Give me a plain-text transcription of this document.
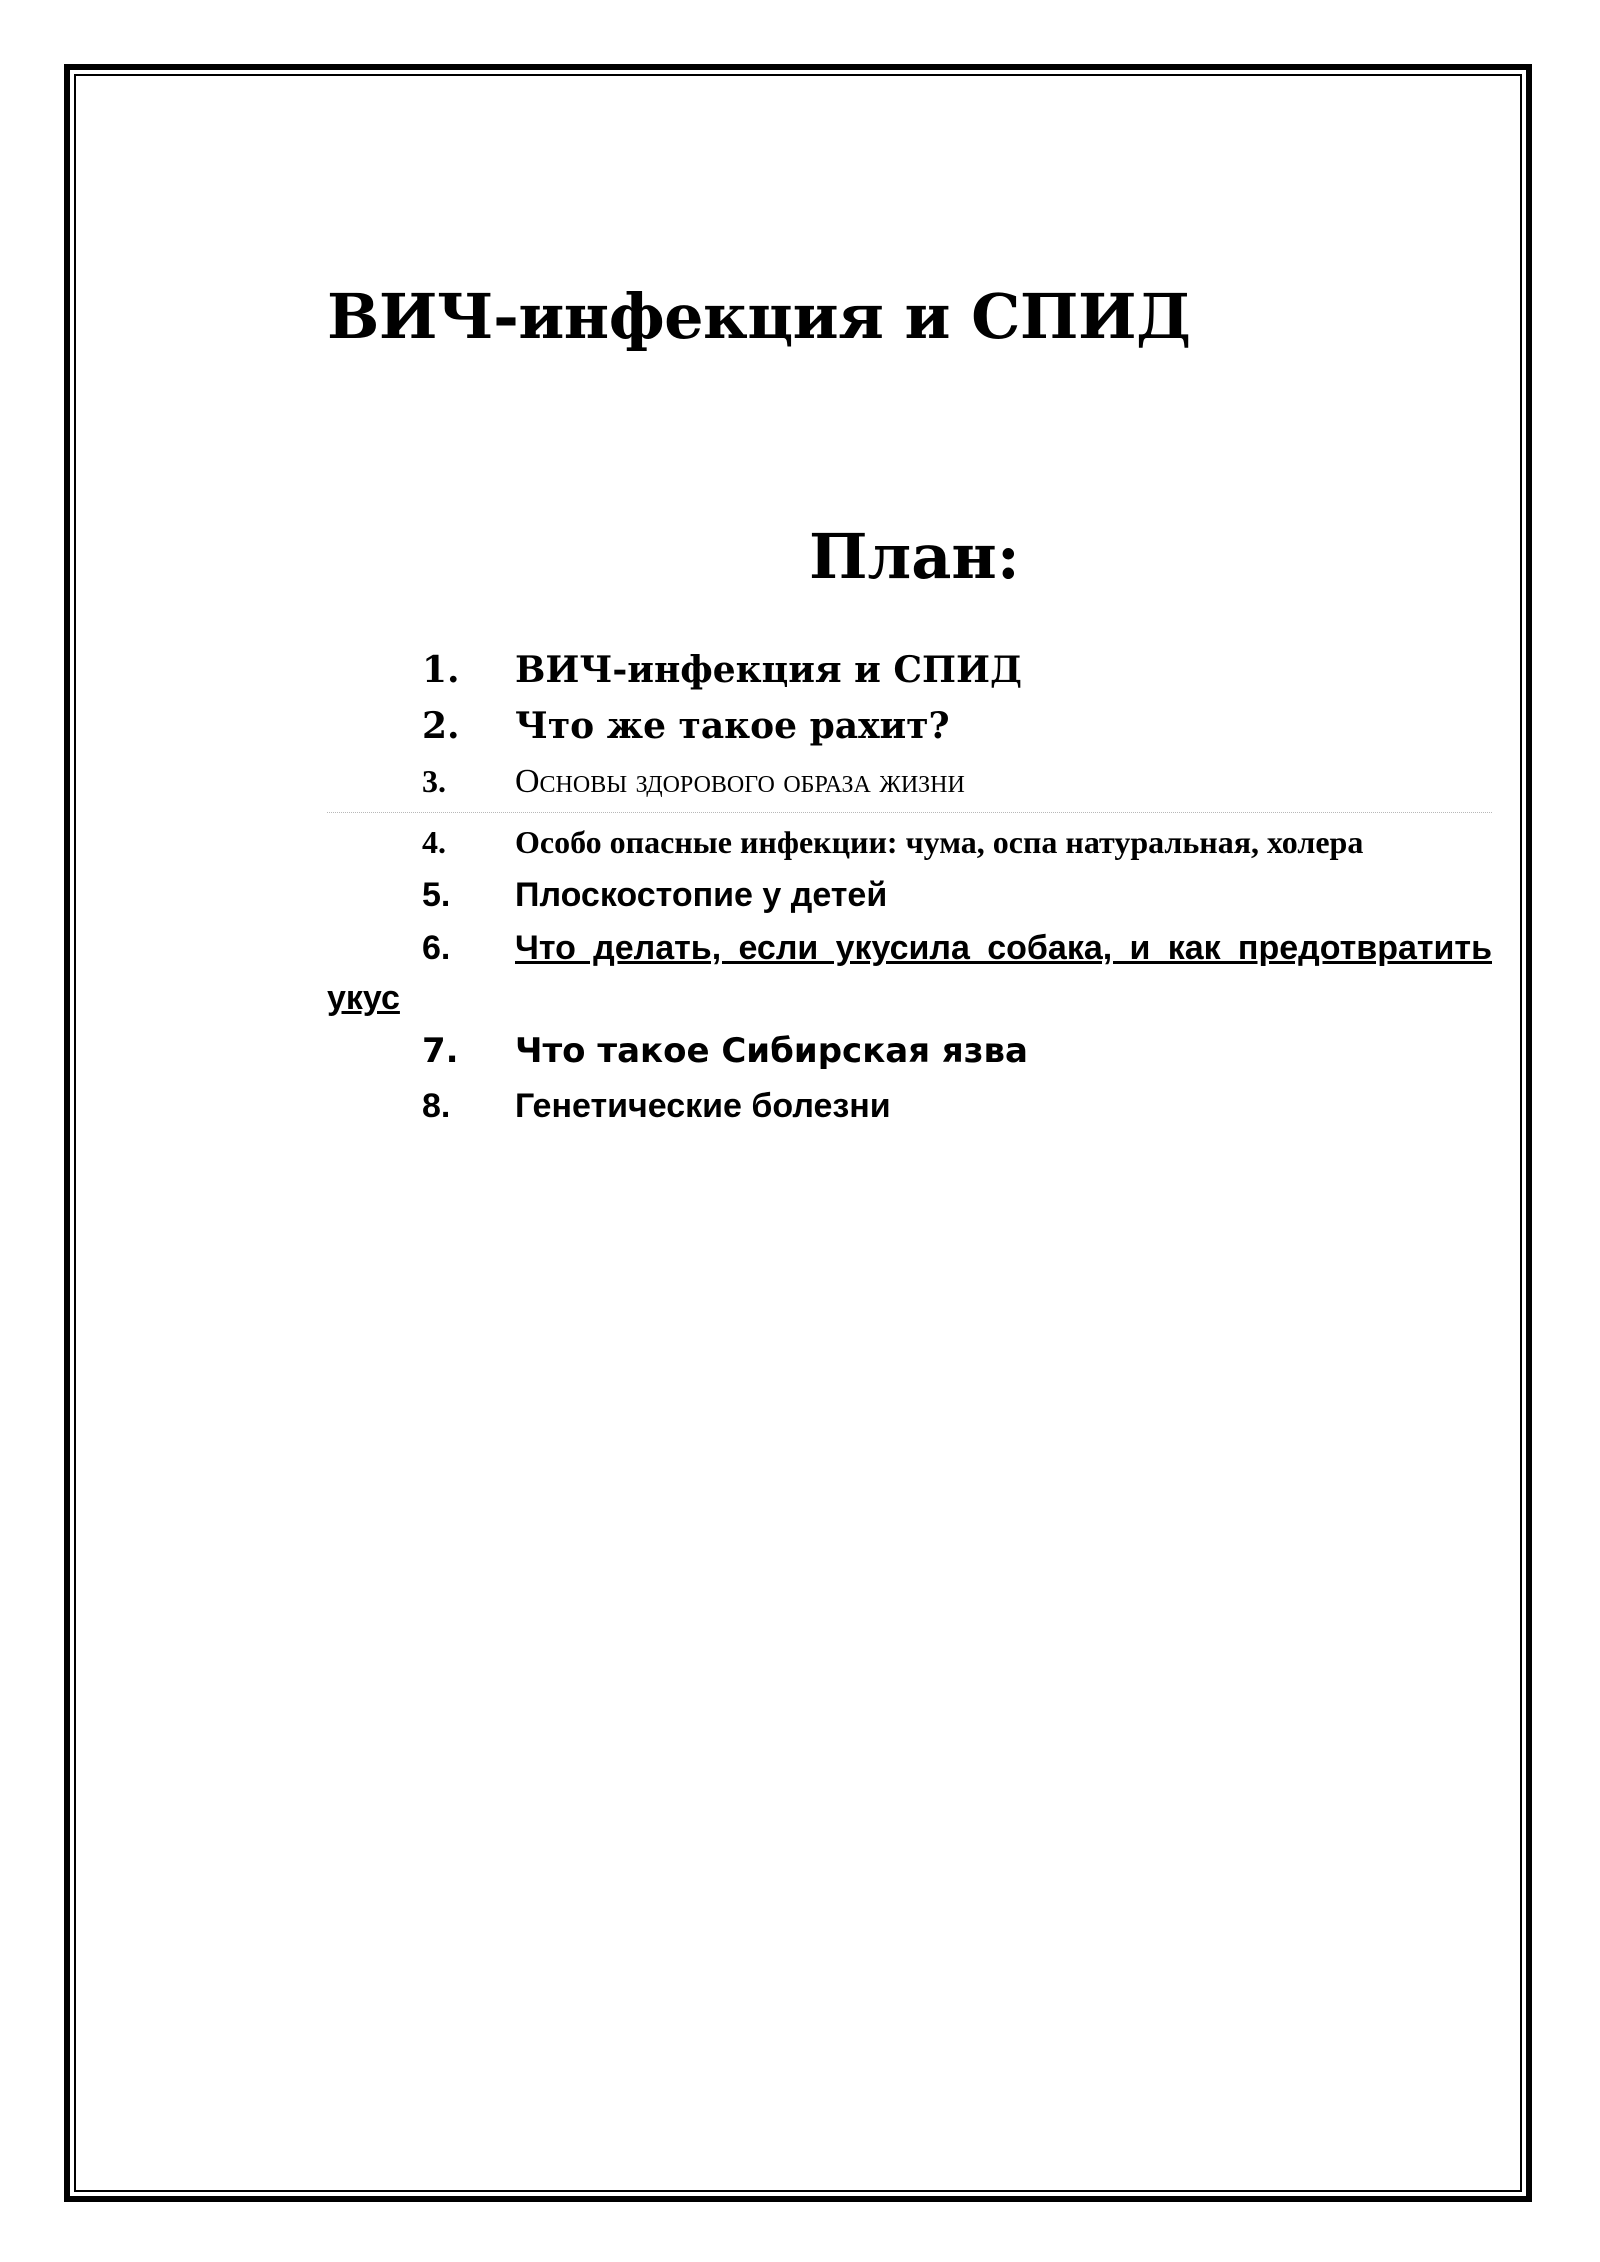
ВИЧ-инфекция и СПИД
План:
1. ВИЧ-инфекция и СПИД
2. Что же такое рахит?
3. Основы здорового образа жизни
4. Особо опасные инфекции: чума, оспа натуральная, холера
5. Плоскостопие у детей
6. Что делать, если укусила собака, и как предотвратить укус
7. Что такое Сибирская язва
8. Генетические болезни
